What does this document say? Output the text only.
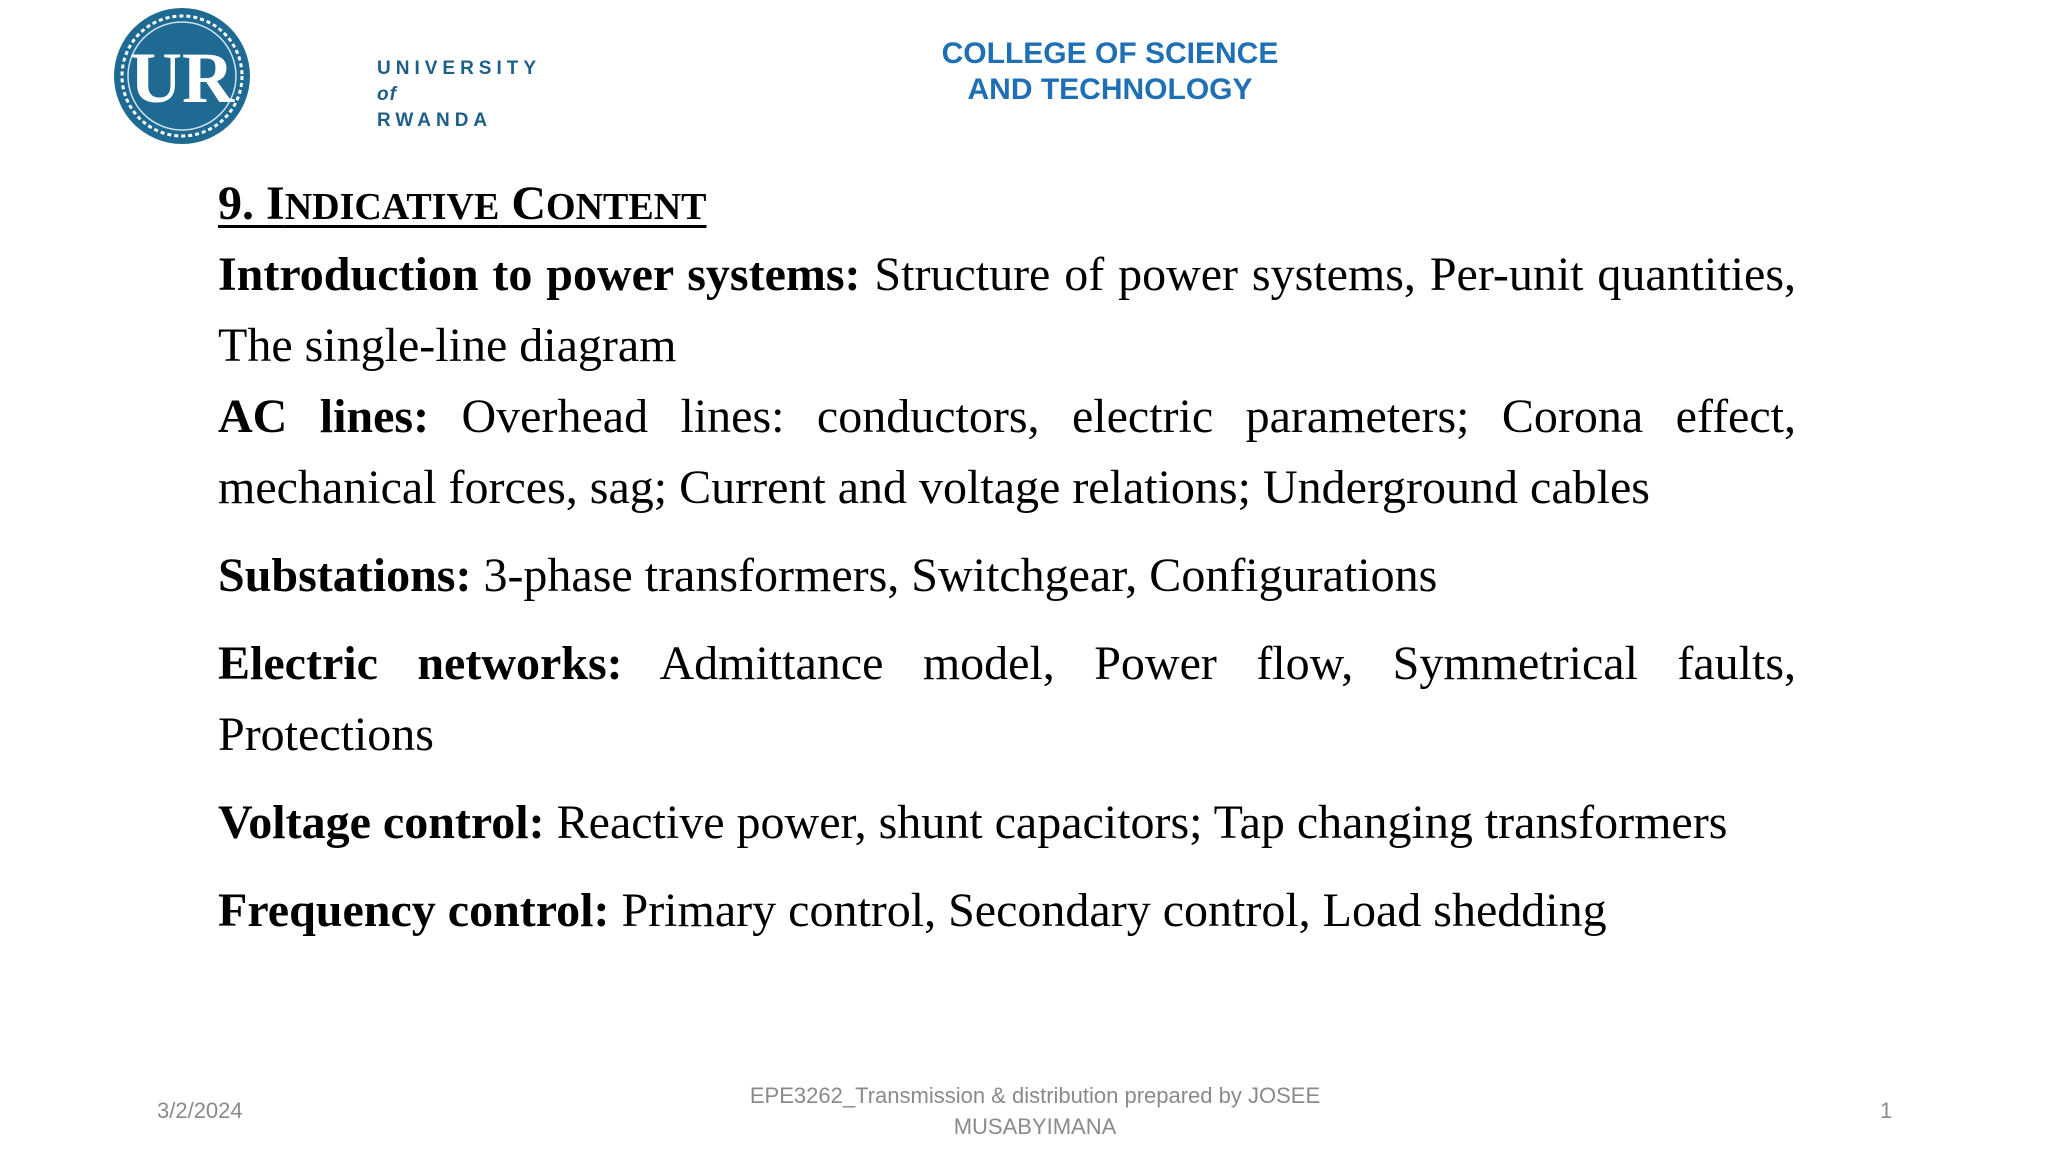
UR	UNIVERSITY of
RWANDA
COLLEGE OF SCIENCE
AND TECHNOLOGY
9. INDICATIVE CONTENT

Introduction to power systems: Structure of power systems, Per-unit quantities, The single-line diagram

AC lines: Overhead lines: conductors, electric parameters; Corona effect, mechanical forces, sag; Current and voltage relations; Underground cables

Substations: 3-phase transformers, Switchgear, Configurations

Electric networks: Admittance model, Power flow, Symmetrical faults, Protections

Voltage control: Reactive power, shunt capacitors; Tap changing transformers

Frequency control: Primary control, Secondary control, Load shedding

3/2/2024
EPE3262_Transmission & distribution prepared by JOSEE
MUSABYIMANA
1
